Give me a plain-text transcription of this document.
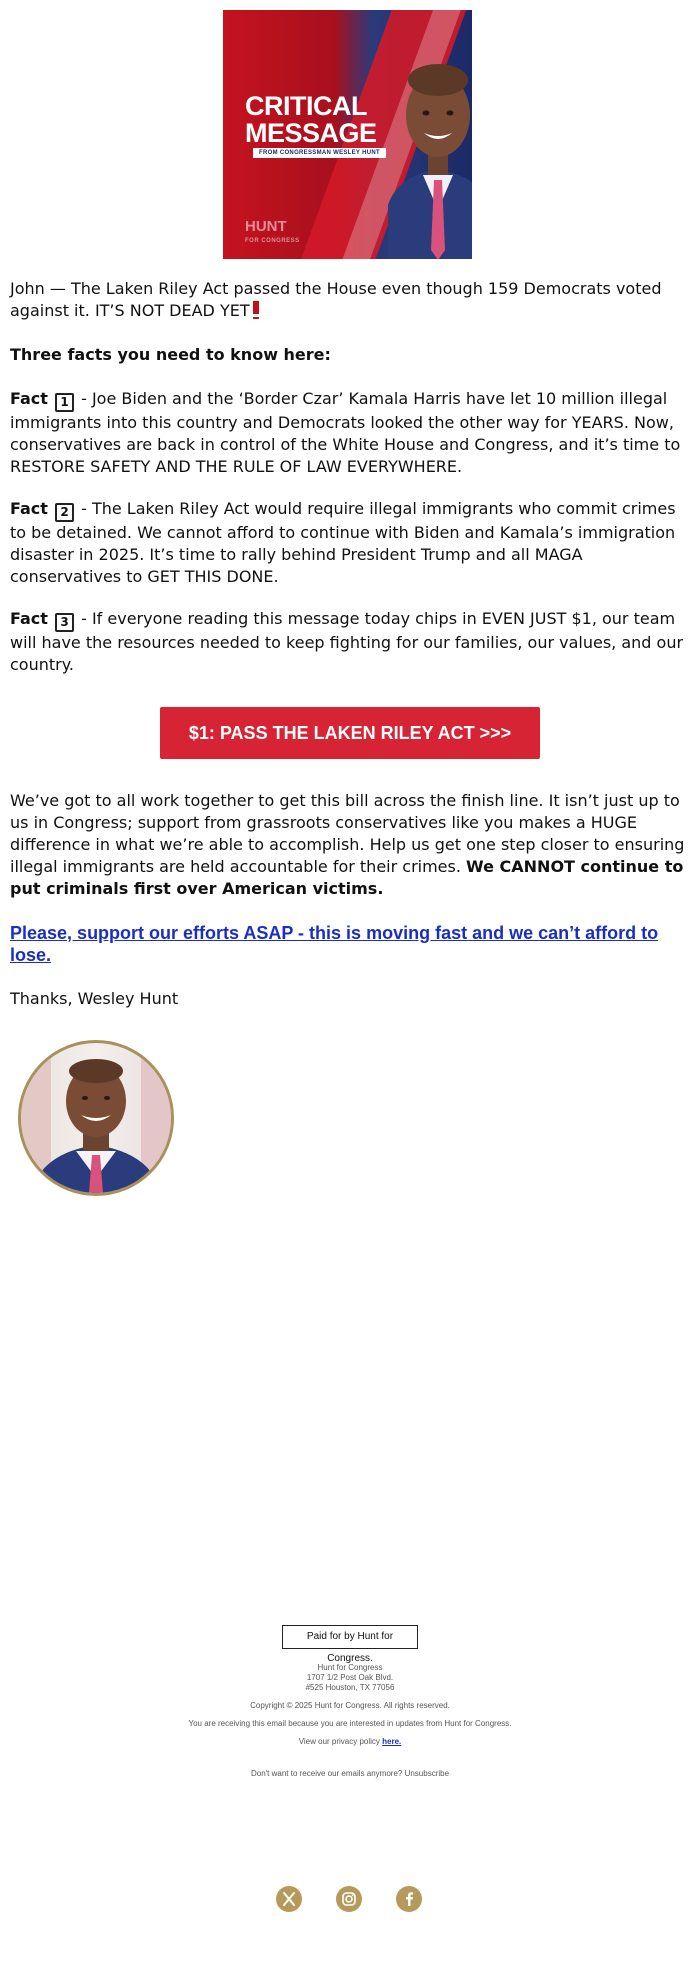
CRITICAL
MESSAGE
FROM CONGRESSMAN WESLEY HUNT
HUNT
FOR CONGRESS
John — The Laken Riley Act passed the House even though 159 Democrats voted against it. IT’S NOT DEAD YET
Three facts you need to know here:
Fact 1 - Joe Biden and the ‘Border Czar’ Kamala Harris have let 10 million illegal immigrants into this country and Democrats looked the other way for YEARS. Now, conservatives are back in control of the White House and Congress, and it’s time to RESTORE SAFETY AND THE RULE OF LAW EVERYWHERE.
Fact 2 - The Laken Riley Act would require illegal immigrants who commit crimes to be detained. We cannot afford to continue with Biden and Kamala’s immigration disaster in 2025. It’s time to rally behind President Trump and all MAGA conservatives to GET THIS DONE.
Fact 3 - If everyone reading this message today chips in EVEN JUST $1, our team will have the resources needed to keep fighting for our families, our values, and our country.
$1: PASS THE LAKEN RILEY ACT >>>
We’ve got to all work together to get this bill across the finish line. It isn’t just up to us in Congress; support from grassroots conservatives like you makes a HUGE difference in what we’re able to accomplish. Help us get one step closer to ensuring illegal immigrants are held accountable for their crimes. We CANNOT continue to put criminals first over American victims.
Please, support our efforts ASAP - this is moving fast and we can’t afford to lose.
Thanks, Wesley Hunt
Paid for by Hunt for Congress.
Hunt for Congress
1707 1/2 Post Oak Blvd.
#525 Houston, TX 77056
Copyright © 2025 Hunt for Congress. All rights reserved.
You are receiving this email because you are interested in updates from Hunt for Congress.
View our privacy policy here.
Don't want to receive our emails anymore? Unsubscribe
